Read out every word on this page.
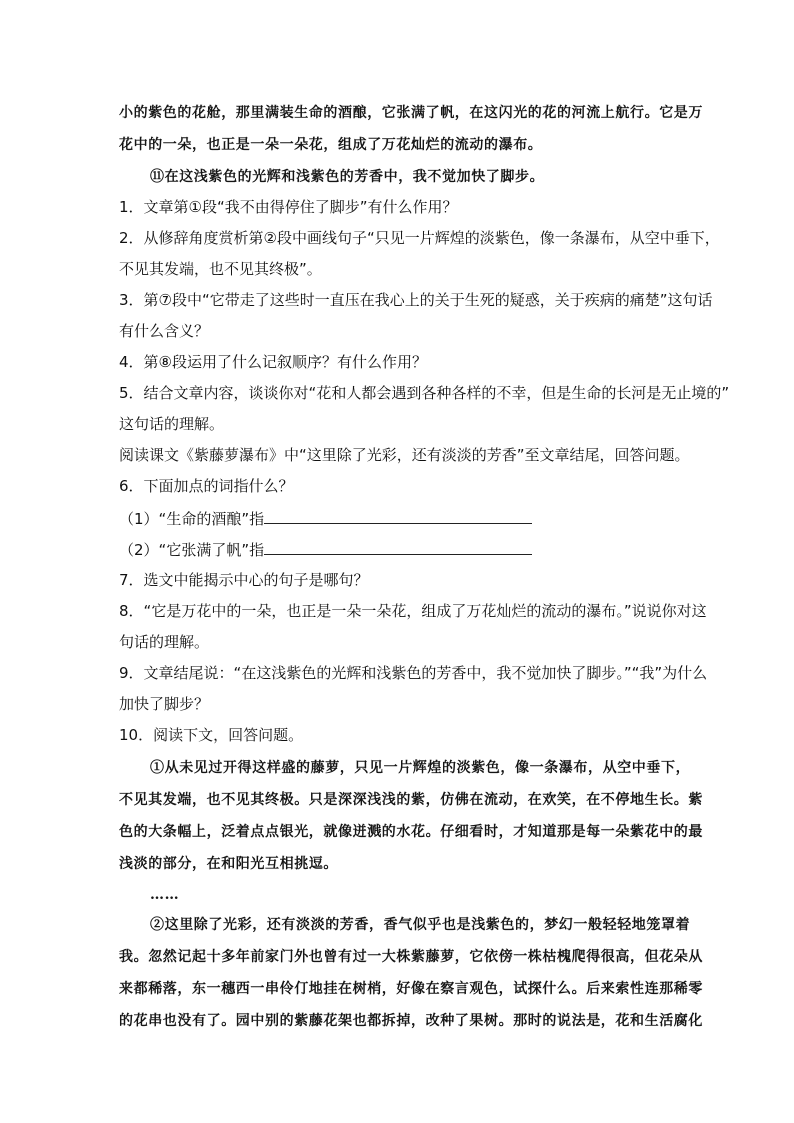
小的紫色的花舱，那里满装生命的酒酿，它张满了帆，在这闪光的花的河流上航行。它是万
花中的一朵，也正是一朵一朵花，组成了万花灿烂的流动的瀑布。
⑪在这浅紫色的光辉和浅紫色的芳香中，我不觉加快了脚步。
1．文章第①段“我不由得停住了脚步”有什么作用？
2．从修辞角度赏析第②段中画线句子“只见一片辉煌的淡紫色，像一条瀑布，从空中垂下，
不见其发端，也不见其终极”。
3．第⑦段中“它带走了这些时一直压在我心上的关于生死的疑惑，关于疾病的痛楚”这句话
有什么含义？
4．第⑧段运用了什么记叙顺序？有什么作用？
5．结合文章内容，谈谈你对“花和人都会遇到各种各样的不幸，但是生命的长河是无止境的”
这句话的理解。
阅读课文《紫藤萝瀑布》中“这里除了光彩，还有淡淡的芳香”至文章结尾，回答问题。
6．下面加点的词指什么？
（1）“生命的酒酿”指
（2）“它张满了帆”指
7．选文中能揭示中心的句子是哪句？
8．“它是万花中的一朵，也正是一朵一朵花，组成了万花灿烂的流动的瀑布。”说说你对这
句话的理解。
9．文章结尾说：“在这浅紫色的光辉和浅紫色的芳香中，我不觉加快了脚步。”“我”为什么
加快了脚步？
10．阅读下文，回答问题。
①从未见过开得这样盛的藤萝，只见一片辉煌的淡紫色，像一条瀑布，从空中垂下，
不见其发端，也不见其终极。只是深深浅浅的紫，仿佛在流动，在欢笑，在不停地生长。紫
色的大条幅上，泛着点点银光，就像迸溅的水花。仔细看时，才知道那是每一朵紫花中的最
浅淡的部分，在和阳光互相挑逗。
……
②这里除了光彩，还有淡淡的芳香，香气似乎也是浅紫色的，梦幻一般轻轻地笼罩着
我。忽然记起十多年前家门外也曾有过一大株紫藤萝，它依傍一株枯槐爬得很高，但花朵从
来都稀落，东一穗西一串伶仃地挂在树梢，好像在察言观色，试探什么。后来索性连那稀零
的花串也没有了。园中别的紫藤花架也都拆掉，改种了果树。那时的说法是，花和生活腐化
